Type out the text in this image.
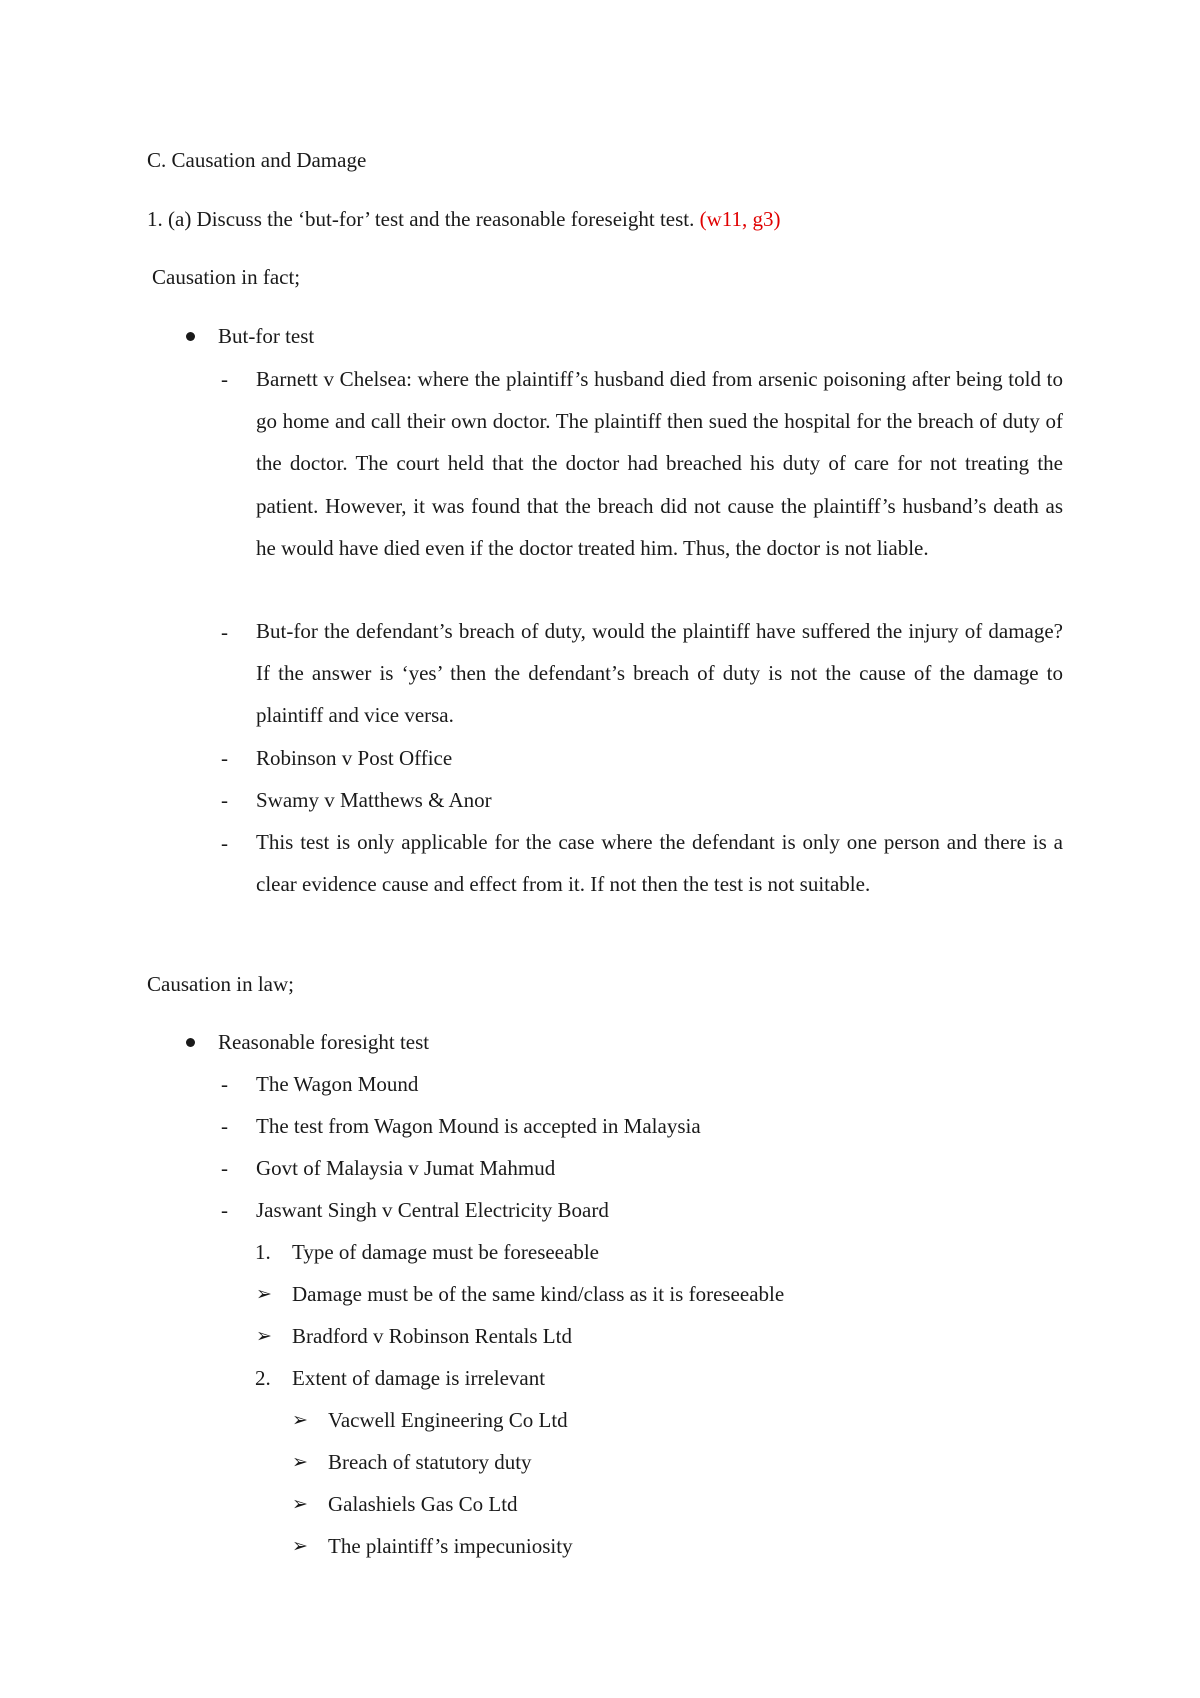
C. Causation and Damage
1. (a) Discuss the ‘but-for’ test and the reasonable foreseight test. (w11, g3)
Causation in fact;
But-for test
- Barnett v Chelsea: where the plaintiff’s husband died from arsenic poisoning after being told to go home and call their own doctor. The plaintiff then sued the hospital for the breach of duty of the doctor. The court held that the doctor had breached his duty of care for not treating the patient. However, it was found that the breach did not cause the plaintiff’s husband’s death as he would have died even if the doctor treated him. Thus, the doctor is not liable.
- But-for the defendant’s breach of duty, would the plaintiff have suffered the injury of damage? If the answer is ‘yes’ then the defendant’s breach of duty is not the cause of the damage to plaintiff and vice versa.
- Robinson v Post Office
- Swamy v Matthews & Anor
- This test is only applicable for the case where the defendant is only one person and there is a clear evidence cause and effect from it. If not then the test is not suitable.
Causation in law;
Reasonable foresight test
- The Wagon Mound
- The test from Wagon Mound is accepted in Malaysia
- Govt of Malaysia v Jumat Mahmud
- Jaswant Singh v Central Electricity Board
1. Type of damage must be foreseeable
➢ Damage must be of the same kind/class as it is foreseeable
➢ Bradford v Robinson Rentals Ltd
2. Extent of damage is irrelevant
➢ Vacwell Engineering Co Ltd
➢ Breach of statutory duty
➢ Galashiels Gas Co Ltd
➢ The plaintiff’s impecuniosity
